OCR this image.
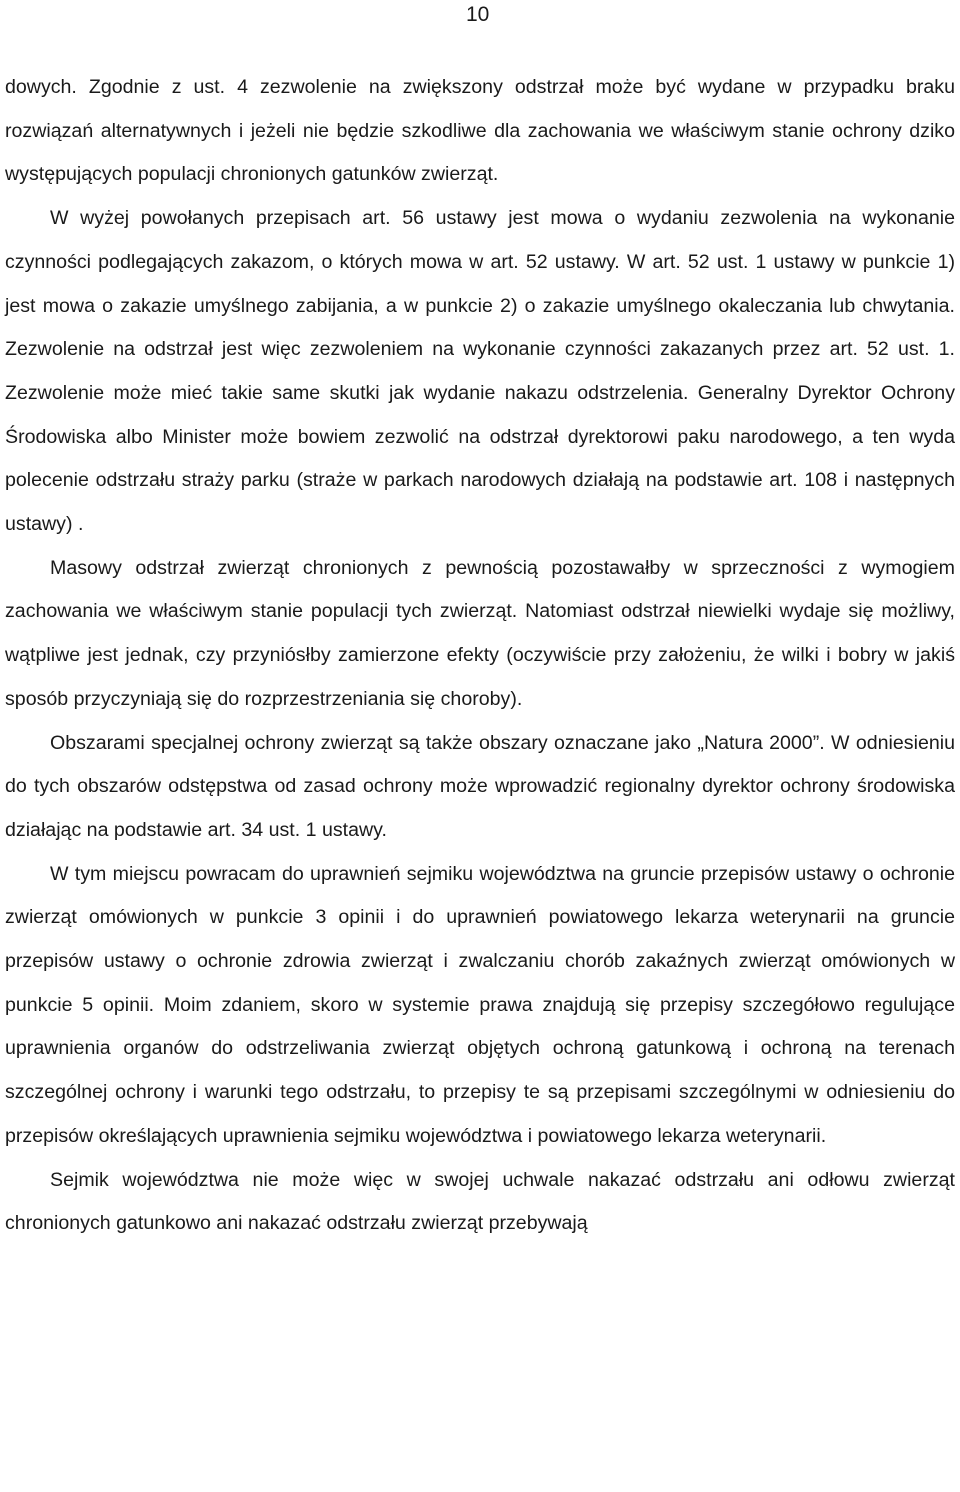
10

dowych. Zgodnie z ust. 4 zezwolenie na zwiększony odstrzał może być wydane w przypadku braku rozwiązań alternatywnych i jeżeli nie będzie szkodliwe dla zachowania we właściwym stanie ochrony dziko występujących populacji chronionych gatunków zwierząt.

W wyżej powołanych przepisach art. 56 ustawy jest mowa o wydaniu zezwolenia na wykonanie czynności podlegających zakazom, o których mowa w art. 52 ustawy. W art. 52 ust. 1 ustawy w punkcie 1) jest mowa o zakazie umyślnego zabijania, a w punkcie 2) o zakazie umyślnego okaleczania lub chwytania. Zezwolenie na odstrzał jest więc zezwoleniem na wykonanie czynności zakazanych przez art. 52 ust. 1. Zezwolenie może mieć takie same skutki jak wydanie nakazu odstrzelenia. Generalny Dyrektor Ochrony Środowiska albo Minister może bowiem zezwolić na odstrzał dyrektorowi paku narodowego, a ten wyda polecenie odstrzału straży parku (straże w parkach narodowych działają na podstawie art. 108 i następnych ustawy) .

Masowy odstrzał zwierząt chronionych z pewnością pozostawałby w sprzeczności z wymogiem zachowania we właściwym stanie populacji tych zwierząt. Natomiast odstrzał niewielki wydaje się możliwy, wątpliwe jest jednak, czy przyniósłby zamierzone efekty (oczywiście przy założeniu, że wilki i bobry w jakiś sposób przyczyniają się do rozprzestrzeniania się choroby).

Obszarami specjalnej ochrony zwierząt są także obszary oznaczane jako „Natura 2000”. W odniesieniu do tych obszarów odstępstwa od zasad ochrony może wprowadzić regionalny dyrektor ochrony środowiska działając na podstawie art. 34 ust. 1 ustawy.

W tym miejscu powracam do uprawnień sejmiku województwa na gruncie przepisów ustawy o ochronie zwierząt omówionych w punkcie 3 opinii i do uprawnień powiatowego lekarza weterynarii na gruncie przepisów ustawy o ochronie zdrowia zwierząt i zwalczaniu chorób zakaźnych zwierząt omówionych w punkcie 5 opinii. Moim zdaniem, skoro w systemie prawa znajdują się przepisy szczegółowo regulujące uprawnienia organów do odstrzeliwania zwierząt objętych ochroną gatunkową i ochroną na terenach szczególnej ochrony i warunki tego odstrzału, to przepisy te są przepisami szczególnymi w odniesieniu do przepisów określających uprawnienia sejmiku województwa i powiatowego lekarza weterynarii.

Sejmik województwa nie może więc w swojej uchwale nakazać odstrzału ani odłowu zwierząt chronionych gatunkowo ani nakazać odstrzału zwierząt przebywają
